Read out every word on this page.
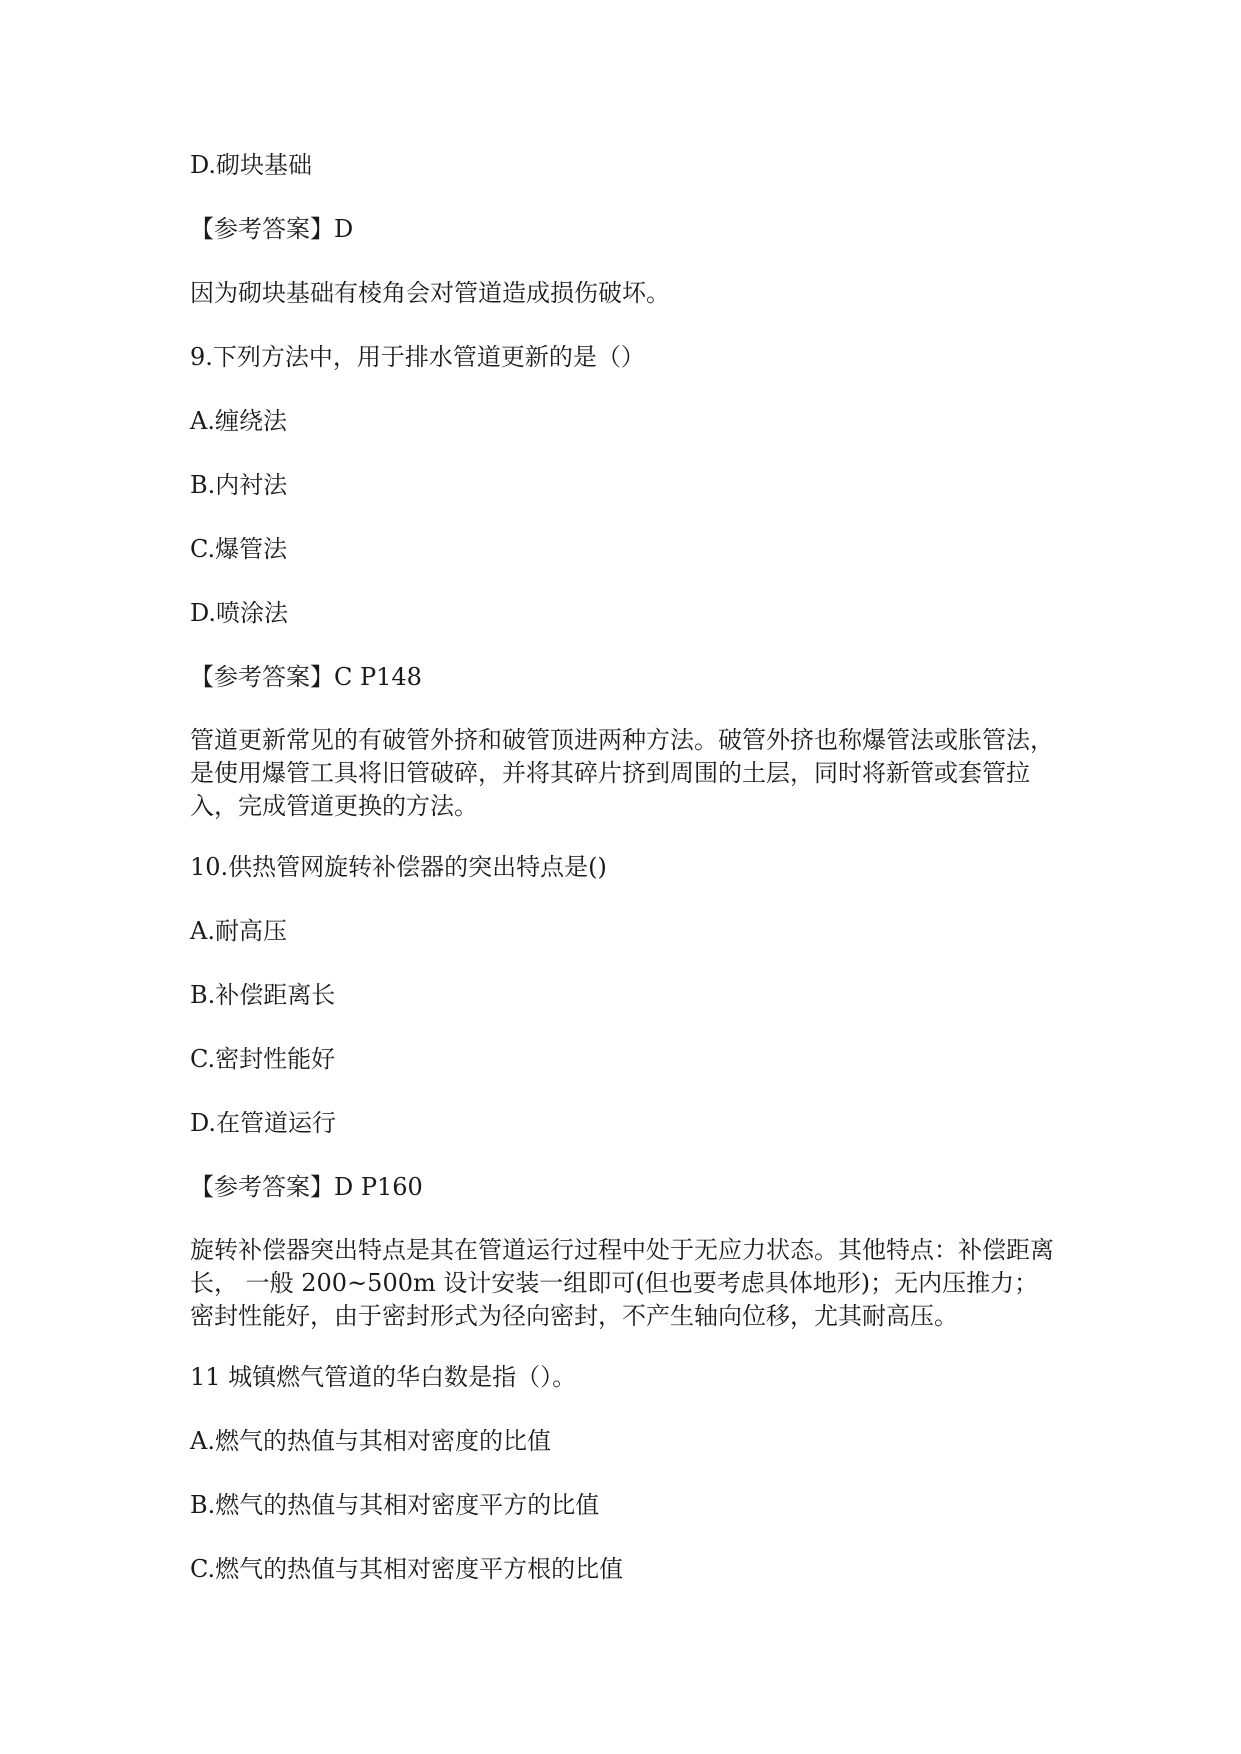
D.砌块基础
【参考答案】D
因为砌块基础有棱角会对管道造成损伤破坏。
9.下列方法中，用于排水管道更新的是（）
A.缠绕法
B.内衬法
C.爆管法
D.喷涂法
【参考答案】C P148
管道更新常见的有破管外挤和破管顶进两种方法。破管外挤也称爆管法或胀管法，是使用爆管工具将旧管破碎，并将其碎片挤到周围的土层，同时将新管或套管拉入，完成管道更换的方法。
10.供热管网旋转补偿器的突出特点是()
A.耐高压
B.补偿距离长
C.密封性能好
D.在管道运行
【参考答案】D P160
旋转补偿器突出特点是其在管道运行过程中处于无应力状态。其他特点：补偿距离长， 一般 200~500m 设计安装一组即可(但也要考虑具体地形)；无内压推力；密封性能好，由于密封形式为径向密封，不产生轴向位移，尤其耐高压。
11 城镇燃气管道的华白数是指（）。
A.燃气的热值与其相对密度的比值
B.燃气的热值与其相对密度平方的比值
C.燃气的热值与其相对密度平方根的比值
